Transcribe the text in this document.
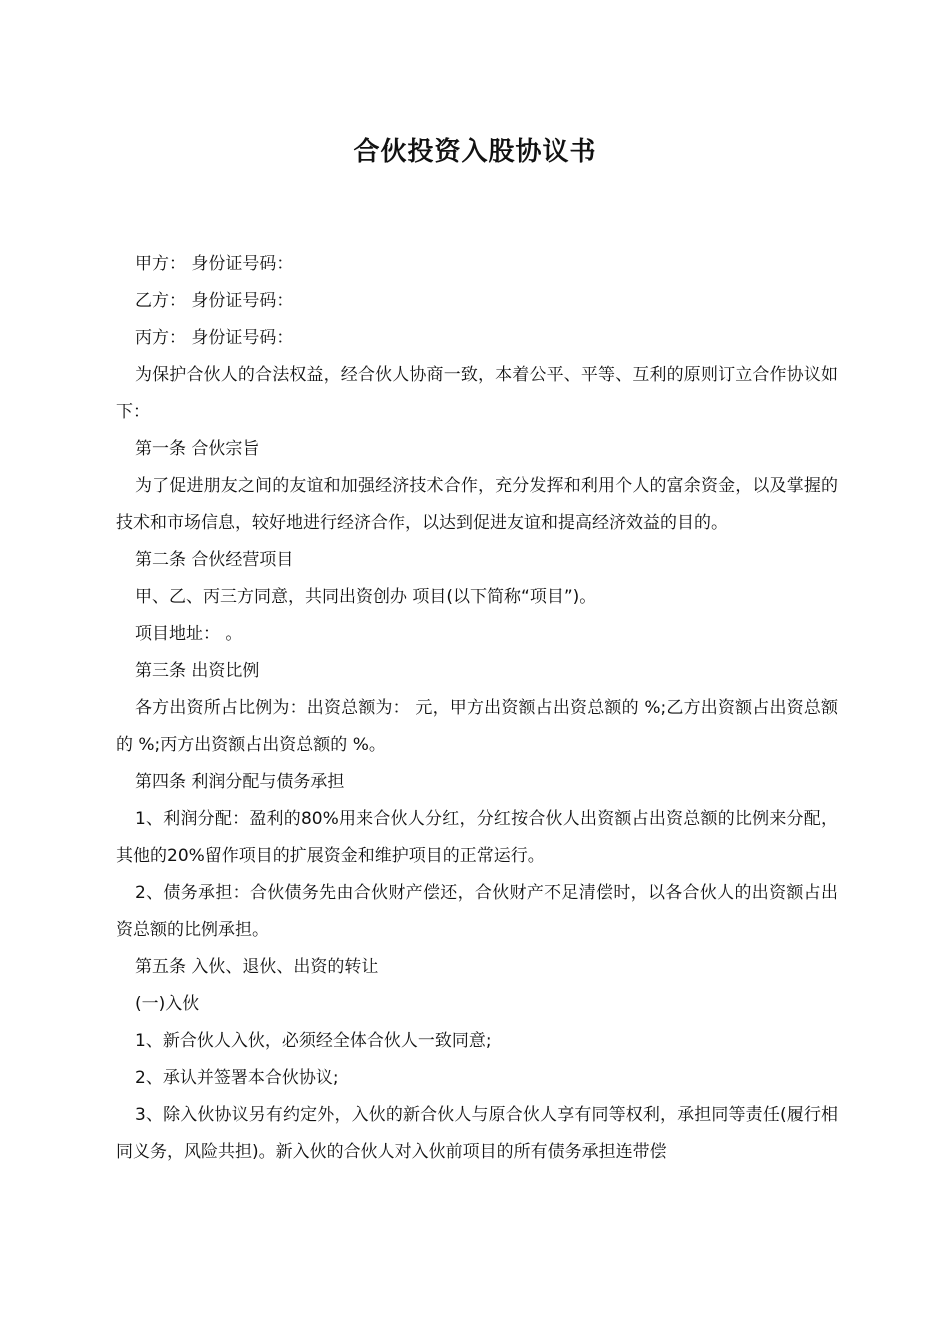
合伙投资入股协议书

甲方： 身份证号码：

乙方： 身份证号码：

丙方： 身份证号码：

为保护合伙人的合法权益，经合伙人协商一致，本着公平、平等、互利的原则订立合作协议如下：

第一条 合伙宗旨

为了促进朋友之间的友谊和加强经济技术合作，充分发挥和利用个人的富余资金，以及掌握的技术和市场信息，较好地进行经济合作，以达到促进友谊和提高经济效益的目的。

第二条 合伙经营项目

甲、乙、丙三方同意，共同出资创办 项目(以下简称“项目”)。

项目地址： 。

第三条 出资比例

各方出资所占比例为：出资总额为： 元，甲方出资额占出资总额的 %;乙方出资额占出资总额的 %;丙方出资额占出资总额的 %。

第四条 利润分配与债务承担

1、利润分配：盈利的80%用来合伙人分红，分红按合伙人出资额占出资总额的比例来分配，其他的20%留作项目的扩展资金和维护项目的正常运行。

2、债务承担：合伙债务先由合伙财产偿还，合伙财产不足清偿时，以各合伙人的出资额占出资总额的比例承担。

第五条 入伙、退伙、出资的转让

(一)入伙

1、新合伙人入伙，必须经全体合伙人一致同意;

2、承认并签署本合伙协议;

3、除入伙协议另有约定外，入伙的新合伙人与原合伙人享有同等权利，承担同等责任(履行相同义务，风险共担)。新入伙的合伙人对入伙前项目的所有债务承担连带偿
